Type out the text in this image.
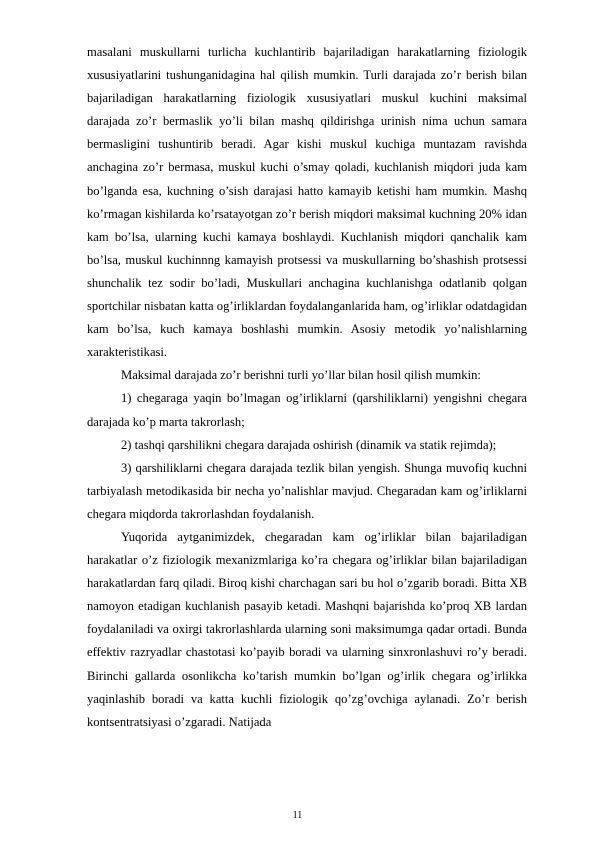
masalani muskullarni turlicha kuchlantirib bajariladigan harakatlarning fiziologik xususiyatlarini tushunganidagina hal qilish mumkin. Turli darajada zo’r berish bilan bajariladigan harakatlarning fiziologik xususiyatlari muskul kuchini maksimal darajada zo’r bermaslik yo’li bilan mashq qildirishga urinish nima uchun samara bermasligini tushuntirib beradi. Agar kishi muskul kuchiga muntazam ravishda anchagina zo’r bermasa, muskul kuchi o’smay qoladi, kuchlanish miqdori juda kam bo’lganda esa, kuchning o’sish darajasi hatto kamayib ketishi ham mumkin. Mashq ko’rmagan kishilarda ko’rsatayotgan zo’r berish miqdori maksimal kuchning 20% idan kam bo’lsa, ularning kuchi kamaya boshlaydi. Kuchlanish miqdori qanchalik kam bo’lsa, muskul kuchinnng kamayish protsessi va muskullarning bo’shashish protsessi shunchalik tez sodir bo’ladi, Muskullari anchagina kuchlanishga odatlanib qolgan sportchilar nisbatan katta og’irliklardan foydalanganlarida ham, og’irliklar odatdagidan kam bo’lsa, kuch kamaya boshlashi mumkin. Asosiy metodik yo’nalishlarning xarakteristikasi.

Maksimal darajada zo’r berishni turli yo’llar bilan hosil qilish mumkin:

1) chegaraga yaqin bo’lmagan og’irliklarni (qarshiliklarni) yengishni chegara darajada ko’p marta takrorlash;

2) tashqi qarshilikni chegara darajada oshirish (dinamik va statik rejimda);

3) qarshiliklarni chegara darajada tezlik bilan yengish. Shunga muvofiq kuchni tarbiyalash metodikasida bir necha yo’nalishlar mavjud. Chegaradan kam og’irliklarni chegara miqdorda takrorlashdan foydalanish.

Yuqorida aytganimizdek, chegaradan kam og’irliklar bilan bajariladigan harakatlar o’z fiziologik mexanizmlariga ko’ra chegara og’irliklar bilan bajariladigan harakatlardan farq qiladi. Biroq kishi charchagan sari bu hol o’zgarib boradi. Bitta XB namoyon etadigan kuchlanish pasayib ketadi. Mashqni bajarishda ko’proq XB lardan foydalaniladi va oxirgi takrorlashlarda ularning soni maksimumga qadar ortadi. Bunda effektiv razryadlar chastotasi ko’payib boradi va ularning sinxronlashuvi ro’y beradi. Birinchi gallarda osonlikcha ko’tarish mumkin bo’lgan og’irlik chegara og’irlikka yaqinlashib boradi va katta kuchli fiziologik qo’zg’ovchiga aylanadi. Zo’r berish kontsentratsiyasi o’zgaradi. Natijada

11
